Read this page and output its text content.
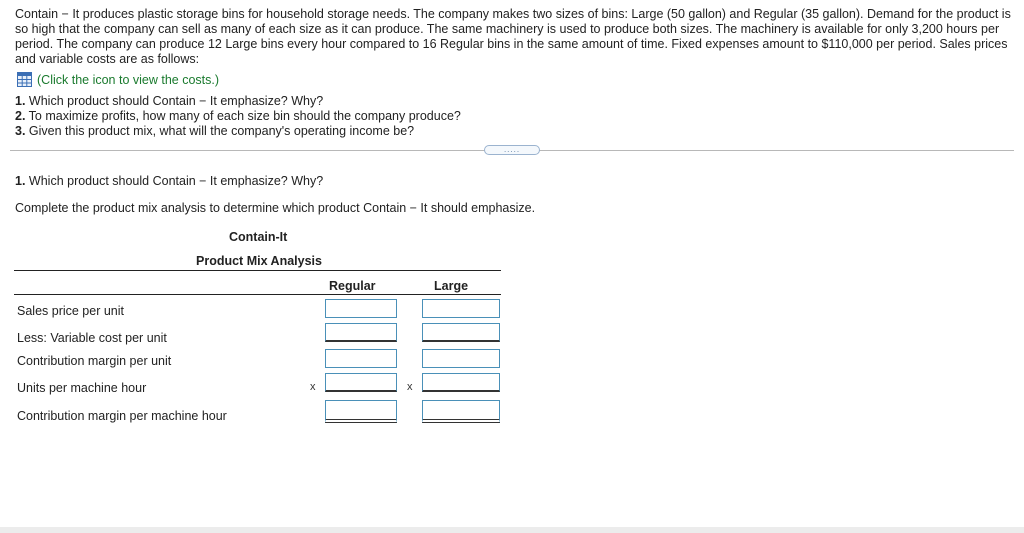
Contain − It produces plastic storage bins for household storage needs. The company makes two sizes of bins: Large (50 gallon) and Regular (35 gallon). Demand for the product is so high that the company can sell as many of each size as it can produce. The same machinery is used to produce both sizes. The machinery is available for only 3,200 hours per period. The company can produce 12 Large bins every hour compared to 16 Regular bins in the same amount of time. Fixed expenses amount to $110,000 per period. Sales prices and variable costs are as follows:

(Click the icon to view the costs.)
1. Which product should Contain − It emphasize? Why?
2. To maximize profits, how many of each size bin should the company produce?
3. Given this product mix, what will the company's operating income be?
.....
1. Which product should Contain − It emphasize? Why?
Complete the product mix analysis to determine which product Contain − It should emphasize.
Contain-It
Product Mix Analysis
Regular	Large
Sales price per unit
Less: Variable cost per unit
Contribution margin per unit
Units per machine hour	x	x
Contribution margin per machine hour
